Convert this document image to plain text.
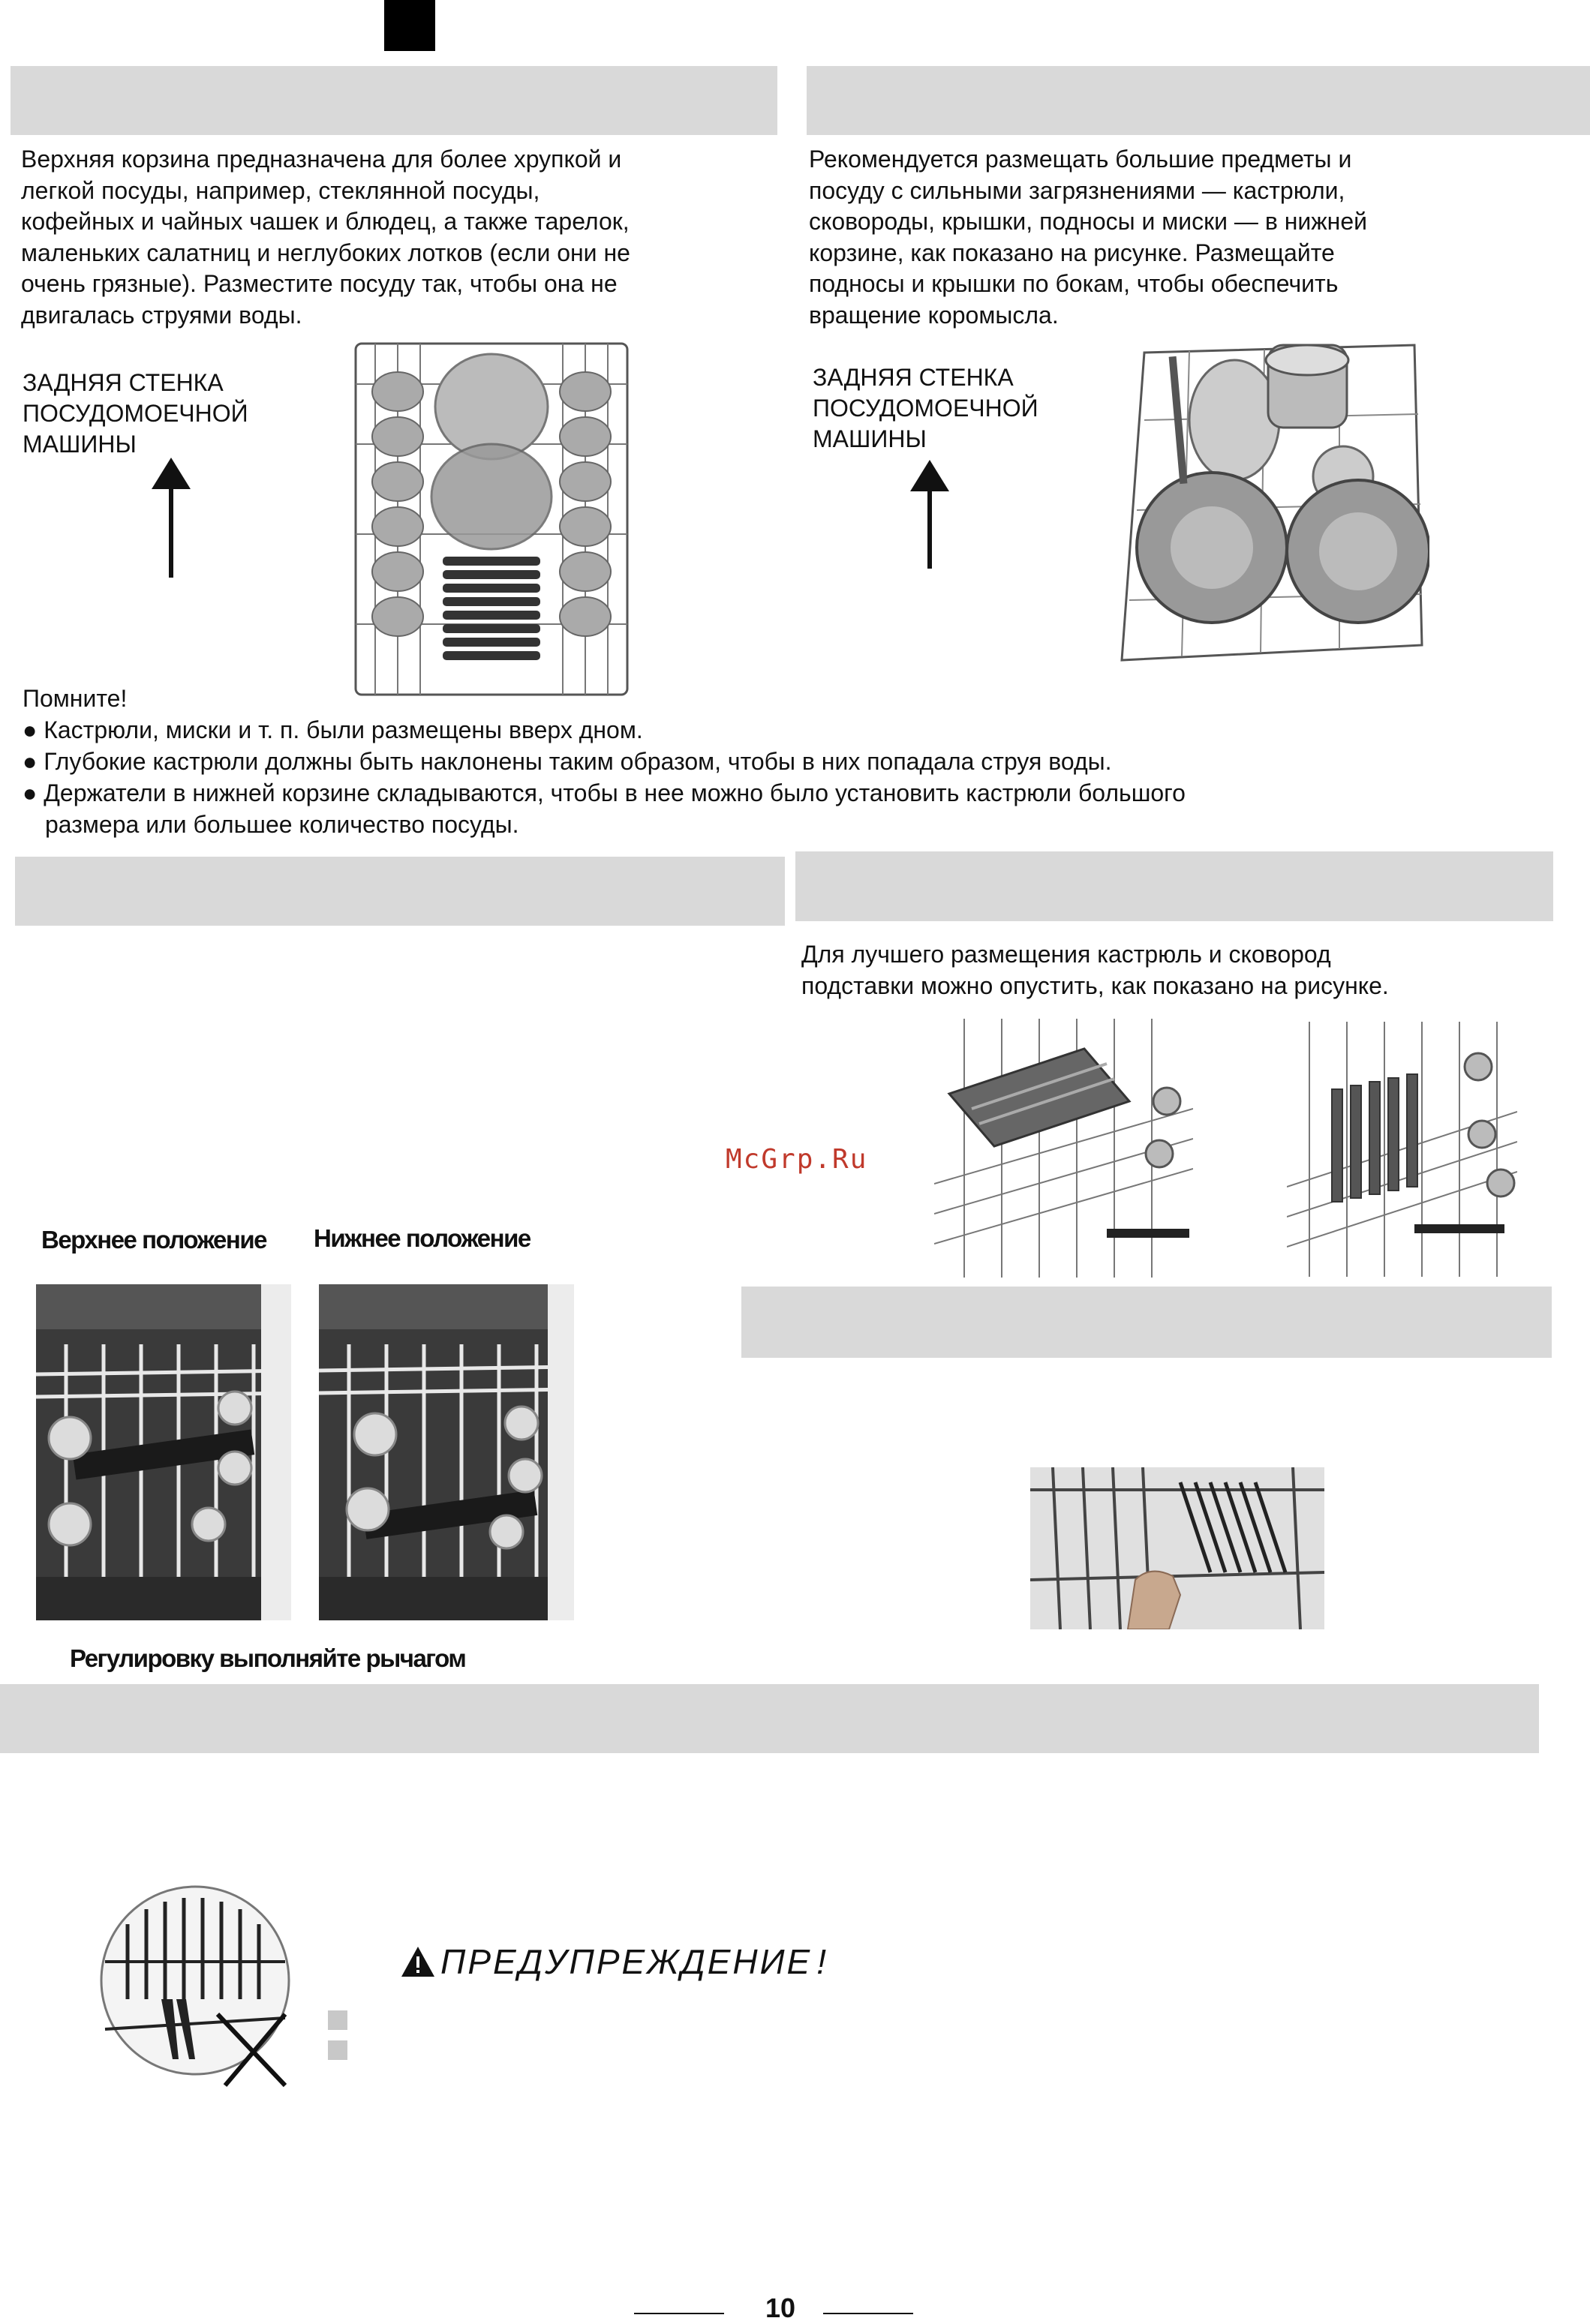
Верхняя корзина предназначена для более хрупкой и
легкой посуды, например, стеклянной посуды,
кофейных и чайных чашек и блюдец, а также тарелок,
маленьких салатниц и неглубоких лотков (если они не
очень грязные). Разместите посуду так, чтобы она не
двигалась струями воды.
Рекомендуется размещать большие предметы и
посуду с сильными загрязнениями — кастрюли,
сковороды, крышки, подносы и миски — в нижней
корзине, как показано на рисунке. Размещайте
подносы и крышки по бокам, чтобы обеспечить
вращение коромысла.
ЗАДНЯЯ СТЕНКА
ПОСУДОМОЕЧНОЙ
МАШИНЫ
ЗАДНЯЯ СТЕНКА
ПОСУДОМОЕЧНОЙ
МАШИНЫ
Помните!
● Кастрюли, миски и т. п. были размещены вверх дном.
● Глубокие кастрюли должны быть наклонены таким образом, чтобы в них попадала струя воды.
● Держатели в нижней корзине складываются, чтобы в нее можно было установить кастрюли большого
размера или большее количество посуды.
Для лучшего размещения кастрюль и сковород
подставки можно опустить, как показано на рисунке.
McGrp.Ru
Верхнее положение Нижнее положение
Регулировку выполняйте рычагом
ПРЕДУПРЕЖДЕНИЕ !
10
